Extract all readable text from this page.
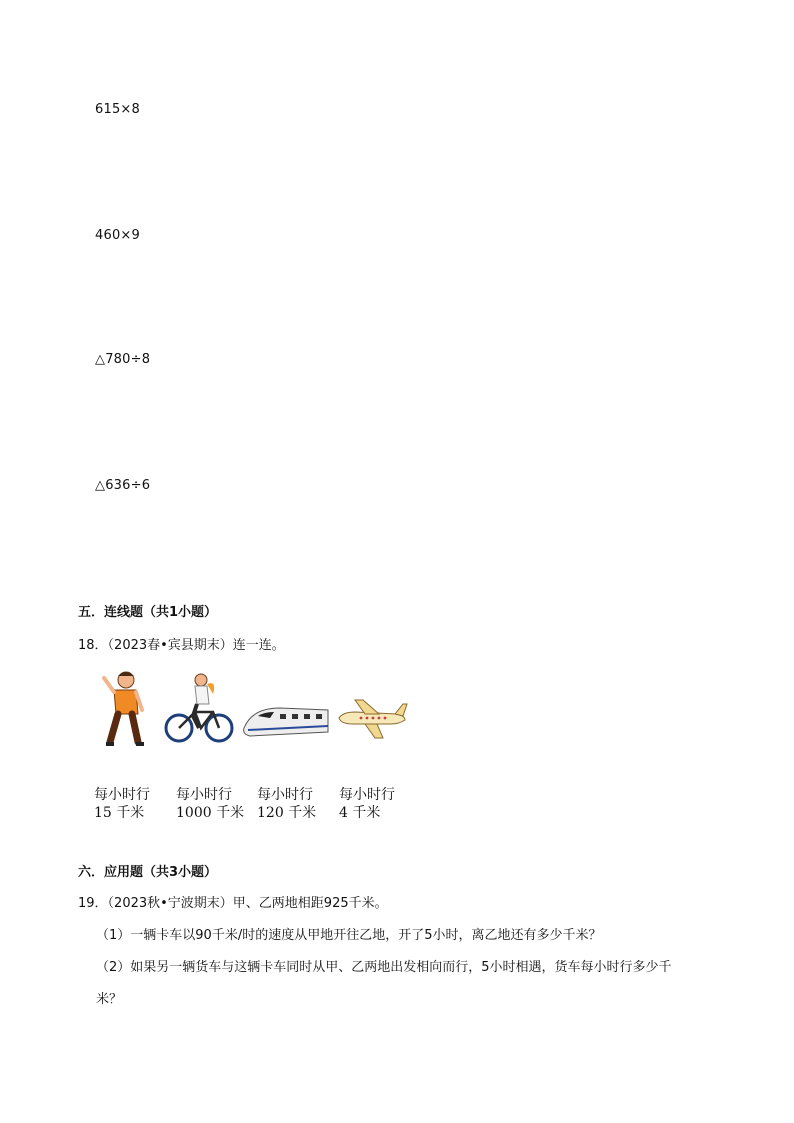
615×8
460×9
△780÷8
△636÷6
五．连线题（共1小题）
18．（2023春•宾县期末）连一连。
每小时行
15 千米
每小时行
1000 千米
每小时行
120 千米
每小时行
4 千米
六．应用题（共3小题）
19．（2023秋•宁波期末）甲、乙两地相距925千米。
（1）一辆卡车以90千米/时的速度从甲地开往乙地，开了5小时，离乙地还有多少千米？
（2）如果另一辆货车与这辆卡车同时从甲、乙两地出发相向而行，5小时相遇，货车每小时行多少千
米？
